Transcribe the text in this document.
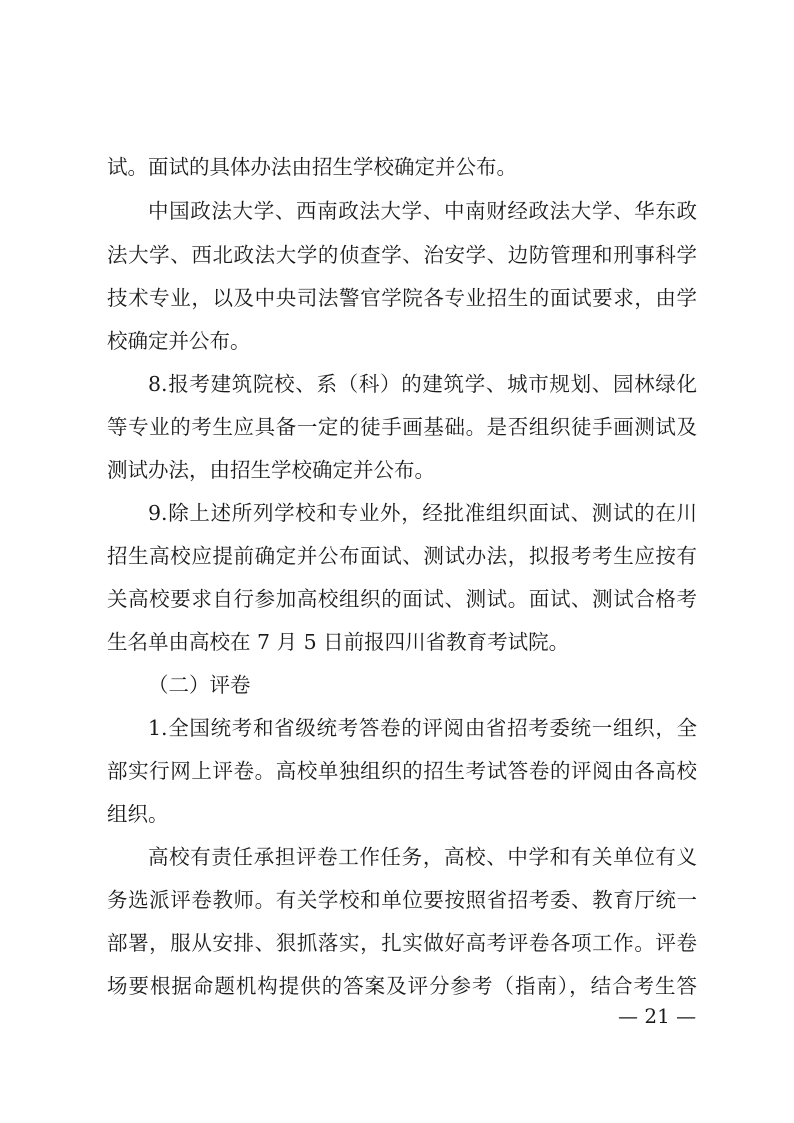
试。面试的具体办法由招生学校确定并公布。
中国政法大学、西南政法大学、中南财经政法大学、华东政
法大学、西北政法大学的侦查学、治安学、边防管理和刑事科学
技术专业，以及中央司法警官学院各专业招生的面试要求，由学
校确定并公布。
8.报考建筑院校、系（科）的建筑学、城市规划、园林绿化
等专业的考生应具备一定的徒手画基础。是否组织徒手画测试及
测试办法，由招生学校确定并公布。
9.除上述所列学校和专业外，经批准组织面试、测试的在川
招生高校应提前确定并公布面试、测试办法，拟报考考生应按有
关高校要求自行参加高校组织的面试、测试。面试、测试合格考
生名单由高校在 7 月 5 日前报四川省教育考试院。
（二）评卷
1.全国统考和省级统考答卷的评阅由省招考委统一组织，全
部实行网上评卷。高校单独组织的招生考试答卷的评阅由各高校
组织。
高校有责任承担评卷工作任务，高校、中学和有关单位有义
务选派评卷教师。有关学校和单位要按照省招考委、教育厅统一
部署，服从安排、狠抓落实，扎实做好高考评卷各项工作。评卷
场要根据命题机构提供的答案及评分参考（指南），结合考生答
— 21 —
